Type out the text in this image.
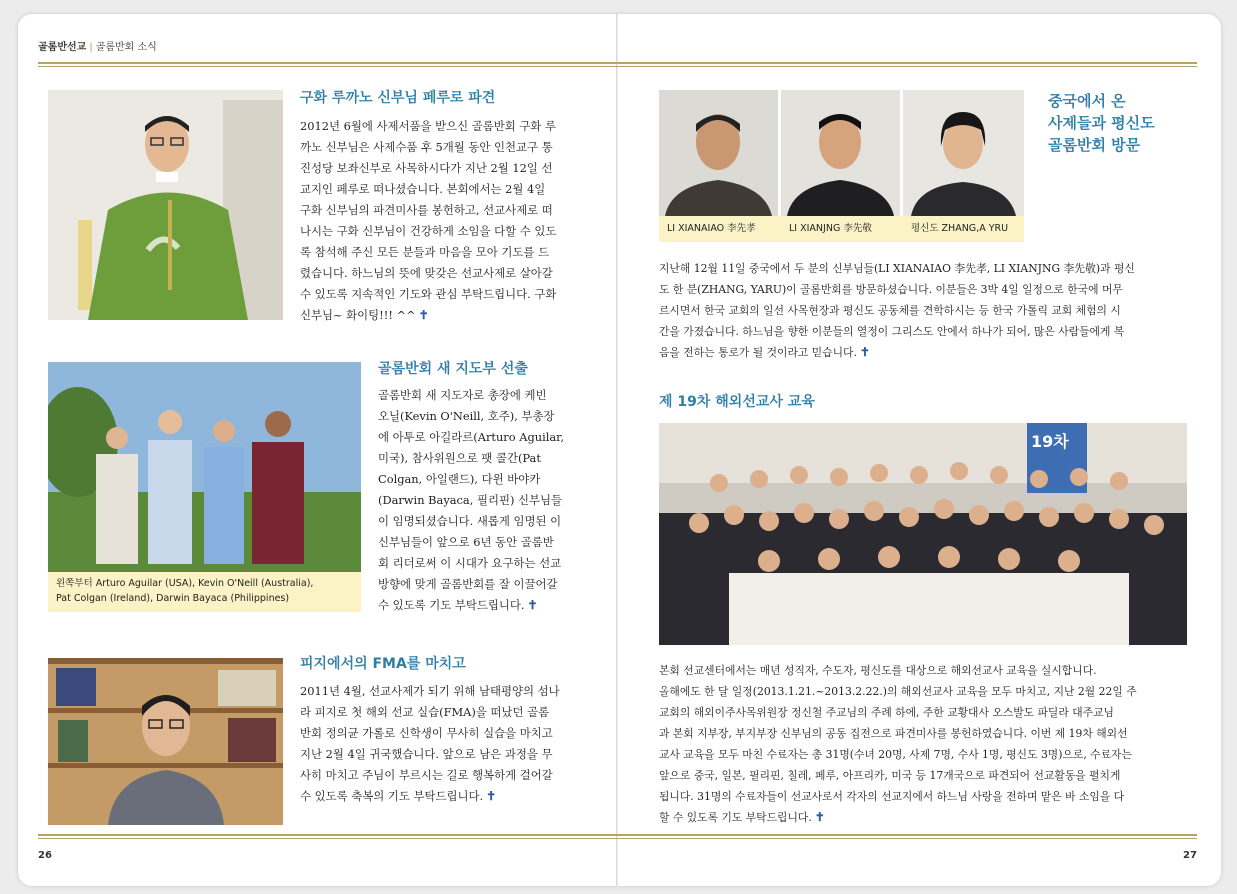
골롬반선교 | 골롬반회 소식
26	27
구화 루까노 신부님 페루로 파견
2012년 6월에 사제서품을 받으신 골롬반회 구화 루
까노 신부님은 사제수품 후 5개월 동안 인천교구 통
진성당 보좌신부로 사목하시다가 지난 2월 12일 선
교지인 페루로 떠나셨습니다. 본회에서는 2월 4일
구화 신부님의 파견미사를 봉헌하고, 선교사제로 떠
나시는 구화 신부님이 건강하게 소임을 다할 수 있도
록 참석해 주신 모든 분들과 마음을 모아 기도를 드
렸습니다. 하느님의 뜻에 맞갖은 선교사제로 살아갈
수 있도록 지속적인 기도와 관심 부탁드립니다. 구화
신부님~ 화이팅!!! ^^ ✝
왼쪽부터 Arturo Aguilar (USA), Kevin O'Neill (Australia),
Pat Colgan (Ireland), Darwin Bayaca (Philippines)
골롬반회 새 지도부 선출
골롬반회 새 지도자로 총장에 케빈
오닐(Kevin O'Neill, 호주), 부총장
에 아투로 아길라르(Arturo Aguilar,
미국), 참사위원으로 팻 콜간(Pat
Colgan, 아일랜드), 다윈 바야카
(Darwin Bayaca, 필리핀) 신부님들
이 임명되셨습니다. 새롭게 임명된 이
신부님들이 앞으로 6년 동안 골롬반
회 리더로써 이 시대가 요구하는 선교
방향에 맞게 골롬반회를 잘 이끌어갈
수 있도록 기도 부탁드립니다. ✝
피지에서의 FMA를 마치고
2011년 4월, 선교사제가 되기 위해 남태평양의 섬나
라 피지로 첫 해외 선교 실습(FMA)을 떠났던 골롬
반회 정의균 가롤로 신학생이 무사히 실습을 마치고
지난 2월 4일 귀국했습니다. 앞으로 남은 과정을 무
사히 마치고 주님이 부르시는 길로 행복하게 걸어갈
수 있도록 축복의 기도 부탁드립니다. ✝
LI XIANAIAO 李先孝	LI XIANJNG 李先敬	평신도 ZHANG,A YRU
중국에서 온
사제들과 평신도
골롬반회 방문
지난해 12월 11일 중국에서 두 분의 신부님들(LI XIANAIAO 李先孝, LI XIANJNG 李先敬)과 평신
도 한 분(ZHANG, YARU)이 골롬반회를 방문하셨습니다. 이분들은 3박 4일 일정으로 한국에 머무
르시면서 한국 교회의 일선 사목현장과 평신도 공동체를 견학하시는 등 한국 가톨릭 교회 체험의 시
간을 가졌습니다. 하느님을 향한 이분들의 열정이 그리스도 안에서 하나가 되어, 많은 사람들에게 복
음을 전하는 통로가 될 것이라고 믿습니다. ✝
제 19차 해외선교사 교육
19차
본회 선교센터에서는 매년 성직자, 수도자, 평신도를 대상으로 해외선교사 교육을 실시합니다.
올해에도 한 달 일정(2013.1.21.~2013.2.22.)의 해외선교사 교육을 모두 마치고, 지난 2월 22일 주
교회의 해외이주사목위원장 정신철 주교님의 주례 하에, 주한 교황대사 오스발도 파딜라 대주교님
과 본회 지부장, 부지부장 신부님의 공동 집전으로 파견미사를 봉헌하였습니다. 이번 제 19차 해외선
교사 교육을 모두 마친 수료자는 총 31명(수녀 20명, 사제 7명, 수사 1명, 평신도 3명)으로, 수료자는
앞으로 중국, 일본, 필리핀, 칠레, 페루, 아프리카, 미국 등 17개국으로 파견되어 선교활동을 펼치게
됩니다. 31명의 수료자들이 선교사로서 각자의 선교지에서 하느님 사랑을 전하며 맡은 바 소임을 다
할 수 있도록 기도 부탁드립니다. ✝
